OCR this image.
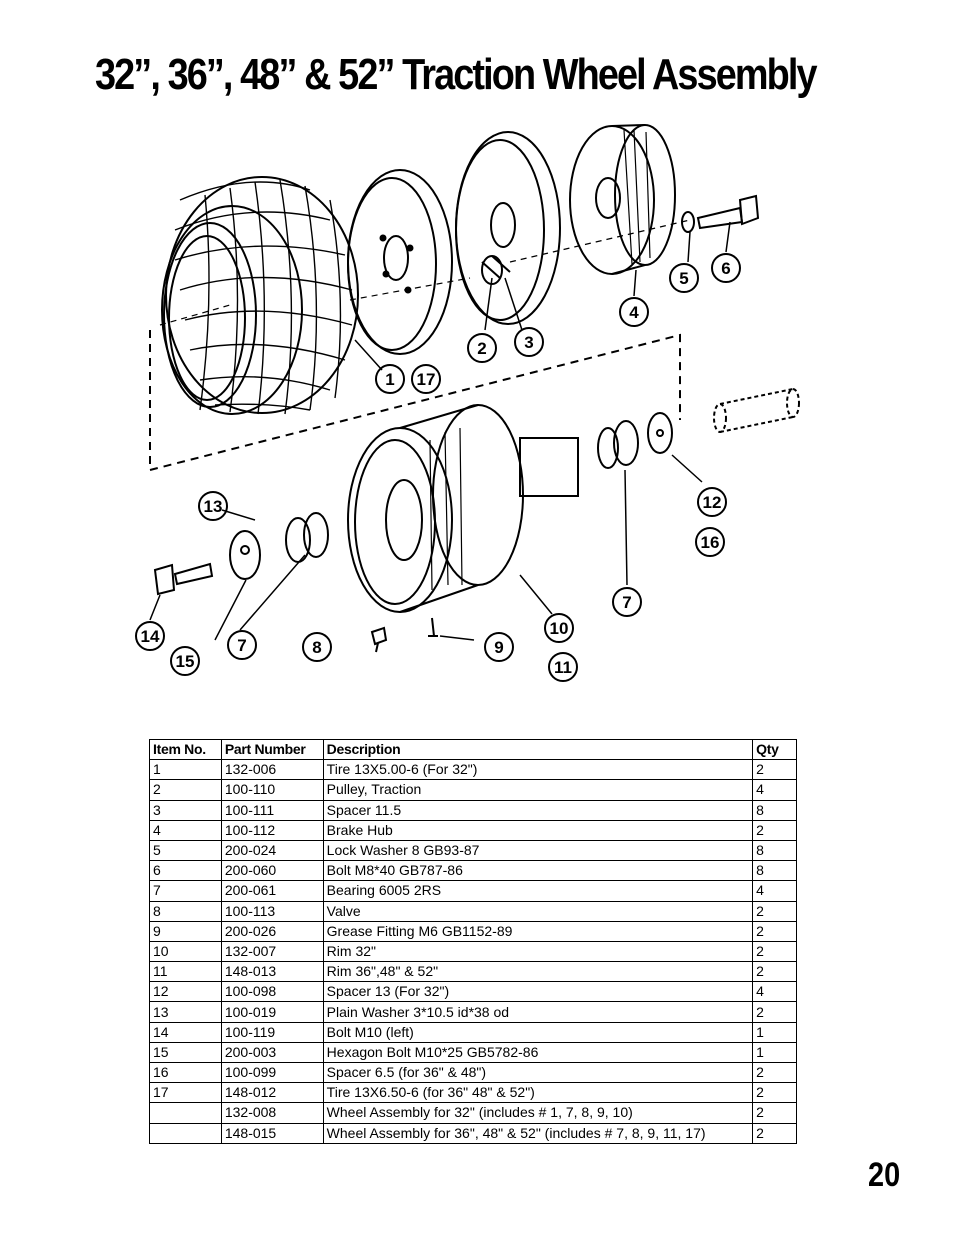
32”, 36”, 48” & 52” Traction Wheel Assembly
1 17
2 3
4
5
6
7
8	9
10
11
12
16
13
14
15
7
Item No.	Part Number	Description	Qty
1	132-006	Tire 13X5.00-6 (For 32")	2
2	100-110	Pulley, Traction	4
3	100-111	Spacer 11.5	8
4	100-112	Brake Hub	2
5	200-024	Lock Washer 8 GB93-87	8
6	200-060	Bolt M8*40 GB787-86	8
7	200-061	Bearing 6005 2RS	4
8	100-113	Valve	2
9	200-026	Grease Fitting M6 GB1152-89	2
10	132-007	Rim 32"	2
11	148-013	Rim 36",48" & 52"	2
12	100-098	Spacer 13 (For 32")	4
13	100-019	Plain Washer 3*10.5 id*38 od	2
14	100-119	Bolt M10 (left)	1
15	200-003	Hexagon Bolt M10*25 GB5782-86	1
16	100-099	Spacer 6.5 (for 36" & 48")	2
17	148-012	Tire 13X6.50-6 (for 36" 48" & 52")	2
	132-008	Wheel Assembly for 32" (includes # 1, 7, 8, 9, 10)	2
	148-015	Wheel Assembly for 36", 48" & 52" (includes # 7, 8, 9, 11, 17)	2
20
